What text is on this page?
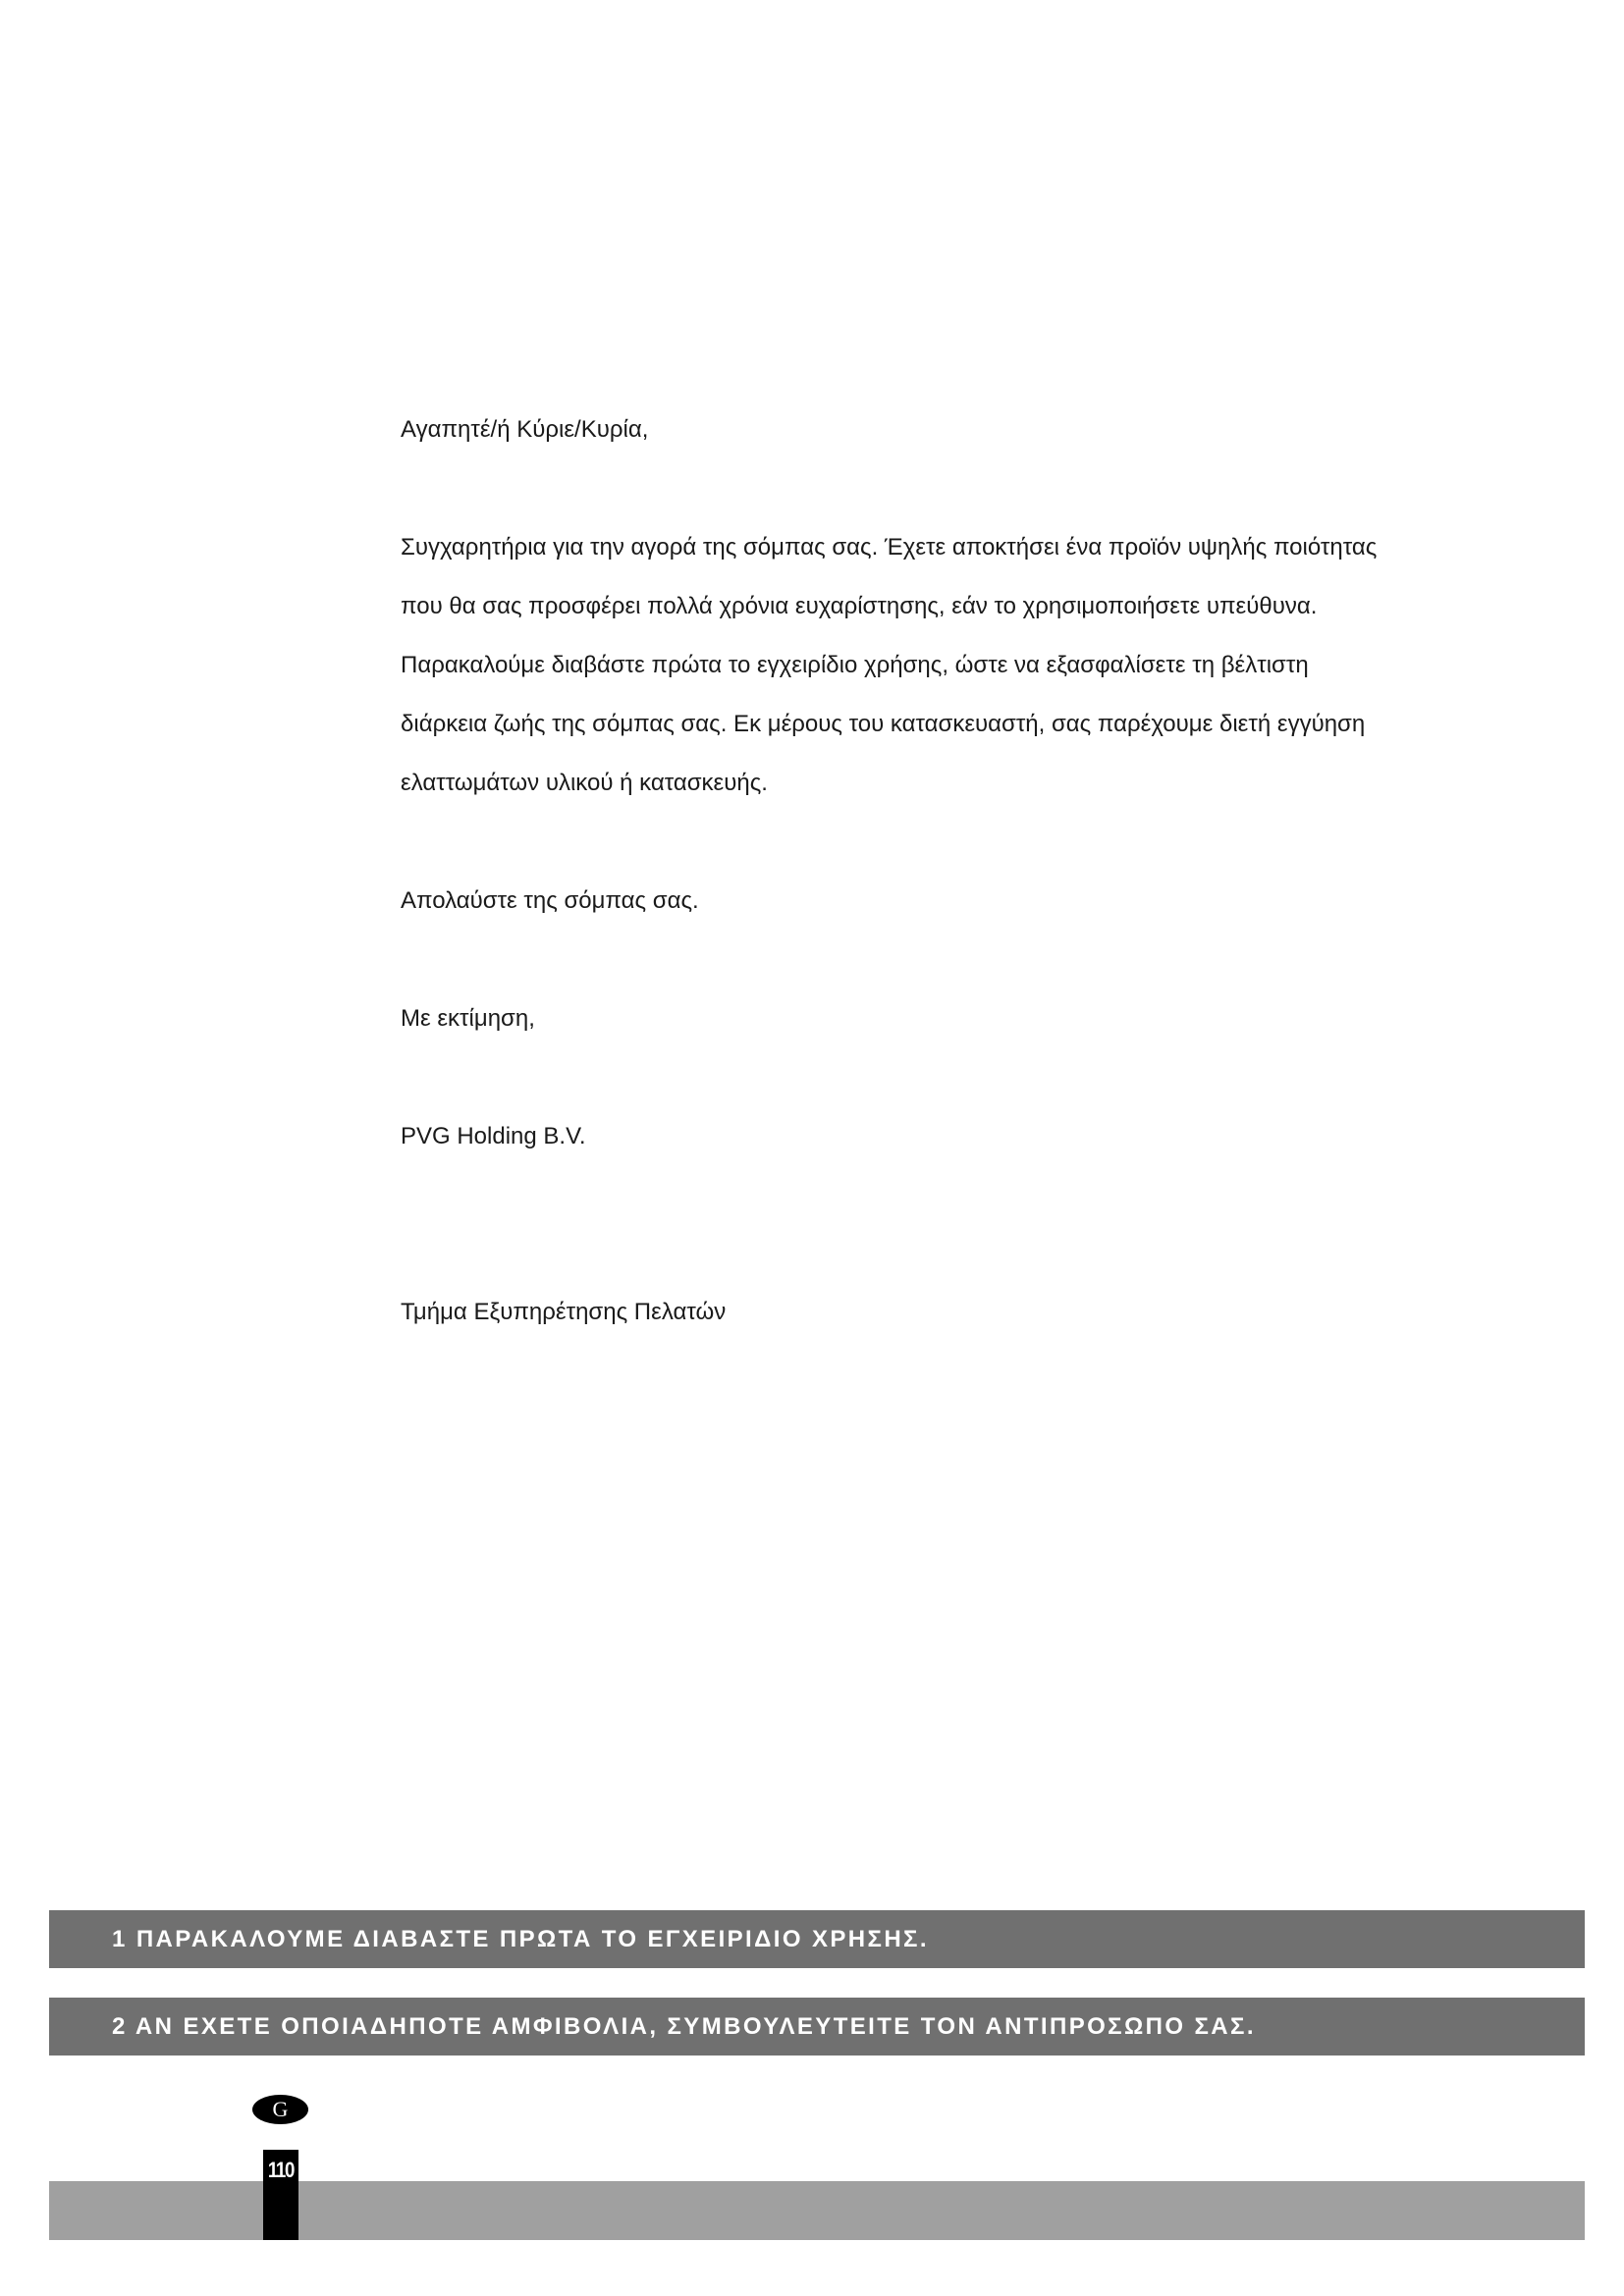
Αγαπητέ/ή Κύριε/Κυρία,
Συγχαρητήρια για την αγορά της σόμπας σας. Έχετε αποκτήσει ένα προϊόν υψηλής ποιότητας
που θα σας προσφέρει πολλά χρόνια ευχαρίστησης, εάν το χρησιμοποιήσετε υπεύθυνα.
Παρακαλούμε διαβάστε πρώτα το εγχειρίδιο χρήσης, ώστε να εξασφαλίσετε τη βέλτιστη
διάρκεια ζωής της σόμπας σας. Εκ μέρους του κατασκευαστή, σας παρέχουμε διετή εγγύηση
ελαττωμάτων υλικού ή κατασκευής.
Απολαύστε της σόμπας σας.
Με εκτίμηση,
PVG Holding B.V.
Τμήμα Εξυπηρέτησης Πελατών
1 ΠΑΡΑΚΑΛΟΥΜΕ ΔΙΑΒΑΣΤΕ ΠΡΩΤΑ ΤΟ ΕΓΧΕΙΡΙΔΙΟ ΧΡΗΣΗΣ.
2 ΑΝ ΕΧΕΤΕ ΟΠΟΙΑΔΗΠΟΤΕ ΑΜΦΙΒΟΛΙΑ, ΣΥΜΒΟΥΛΕΥΤΕΙΤΕ ΤΟΝ ΑΝΤΙΠΡΟΣΩΠΟ ΣΑΣ.
G
110
